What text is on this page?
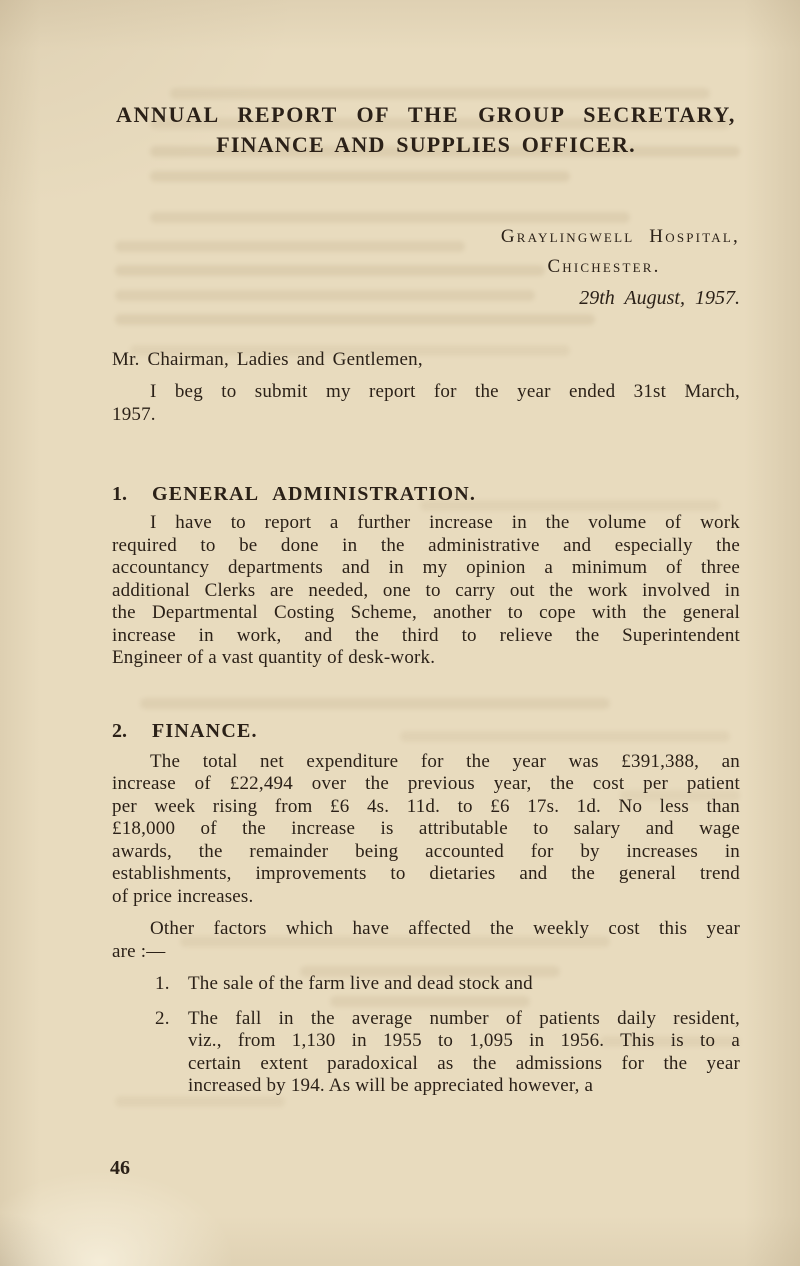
ANNUAL REPORT OF THE GROUP SECRETARY,
FINANCE AND SUPPLIES OFFICER.
Graylingwell Hospital,
Chichester.
29th August, 1957.
Mr. Chairman, Ladies and Gentlemen,
I beg to submit my report for the year ended 31st March,
1957.
1. GENERAL ADMINISTRATION.
I have to report a further increase in the volume of work
required to be done in the administrative and especially the
accountancy departments and in my opinion a minimum of three
additional Clerks are needed, one to carry out the work involved in
the Departmental Costing Scheme, another to cope with the general
increase in work, and the third to relieve the Superintendent
Engineer of a vast quantity of desk-work.
2. FINANCE.
The total net expenditure for the year was £391,388, an
increase of £22,494 over the previous year, the cost per patient
per week rising from £6 4s. 11d. to £6 17s. 1d. No less than
£18,000 of the increase is attributable to salary and wage
awards, the remainder being accounted for by increases in
establishments, improvements to dietaries and the general trend
of price increases.
Other factors which have affected the weekly cost this year
are :—
1. The sale of the farm live and dead stock and
2. The fall in the average number of patients daily resident,
viz., from 1,130 in 1955 to 1,095 in 1956. This is to a
certain extent paradoxical as the admissions for the year
increased by 194. As will be appreciated however, a
46
